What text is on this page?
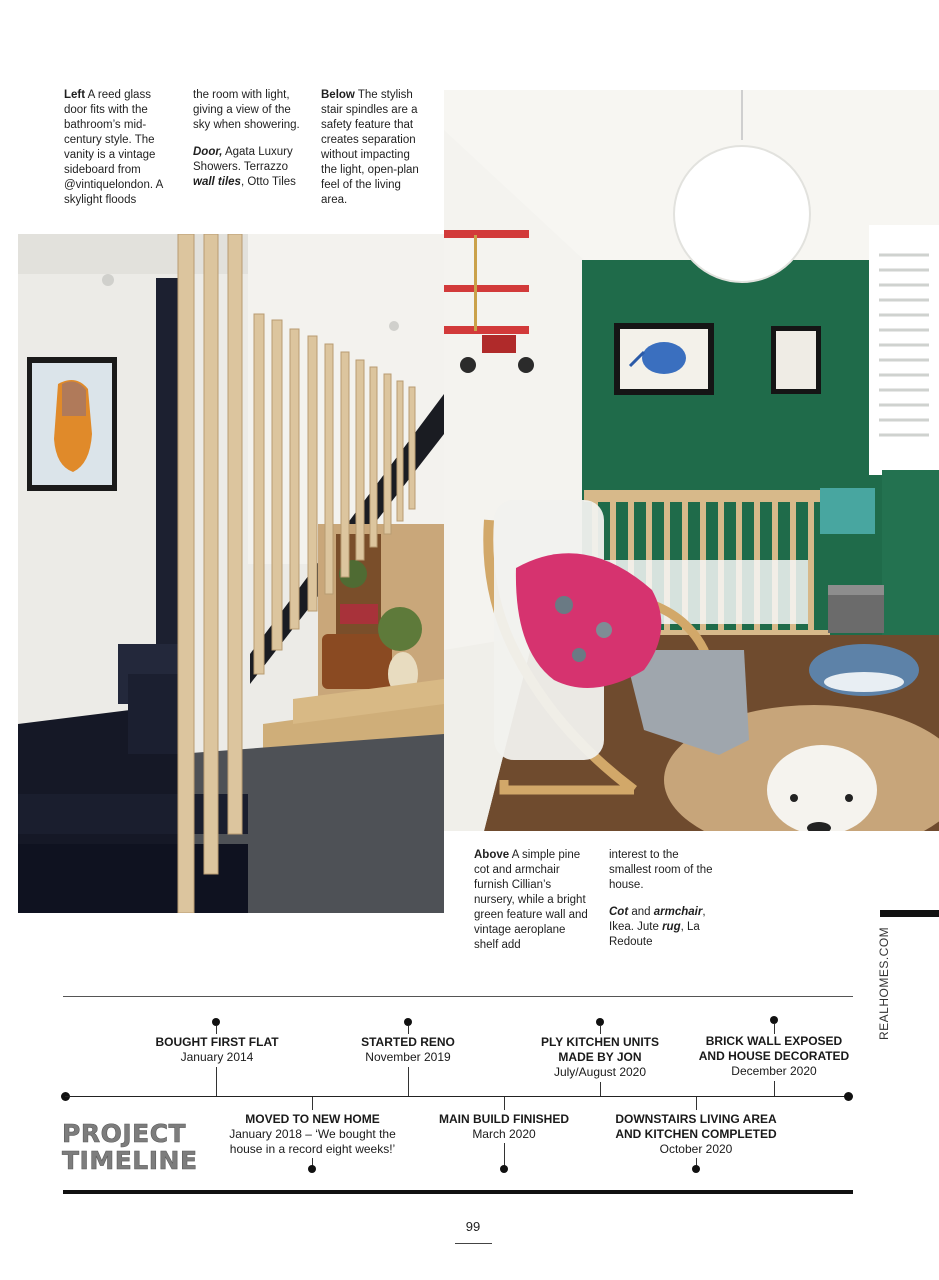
Left A reed glass door fits with the bathroom’s mid-century style. The vanity is a vintage sideboard from @vintiquelondon. A skylight floods

the room with light, giving a view of the sky when showering.

Door, Agata Luxury Showers. Terrazzo wall tiles, Otto Tiles

Below The stylish stair spindles are a safety feature that creates separation without impacting the light, open-plan feel of the living area.
Above A simple pine cot and armchair furnish Cillian’s nursery, while a bright green feature wall and vintage aeroplane shelf add

interest to the smallest room of the house.

Cot and armchair, Ikea. Jute rug, La Redoute	REALHOMES.COM
BOUGHT FIRST FLAT
January 2014
STARTED RENO
November 2019
PLY KITCHEN UNITS MADE BY JON
July/August 2020
BRICK WALL EXPOSED AND HOUSE DECORATED
December 2020
MOVED TO NEW HOME
January 2018 – ‘We bought the house in a record eight weeks!’
MAIN BUILD FINISHED
March 2020
DOWNSTAIRS LIVING AREA AND KITCHEN COMPLETED
October 2020
PROJECT
TIMELINE
99
